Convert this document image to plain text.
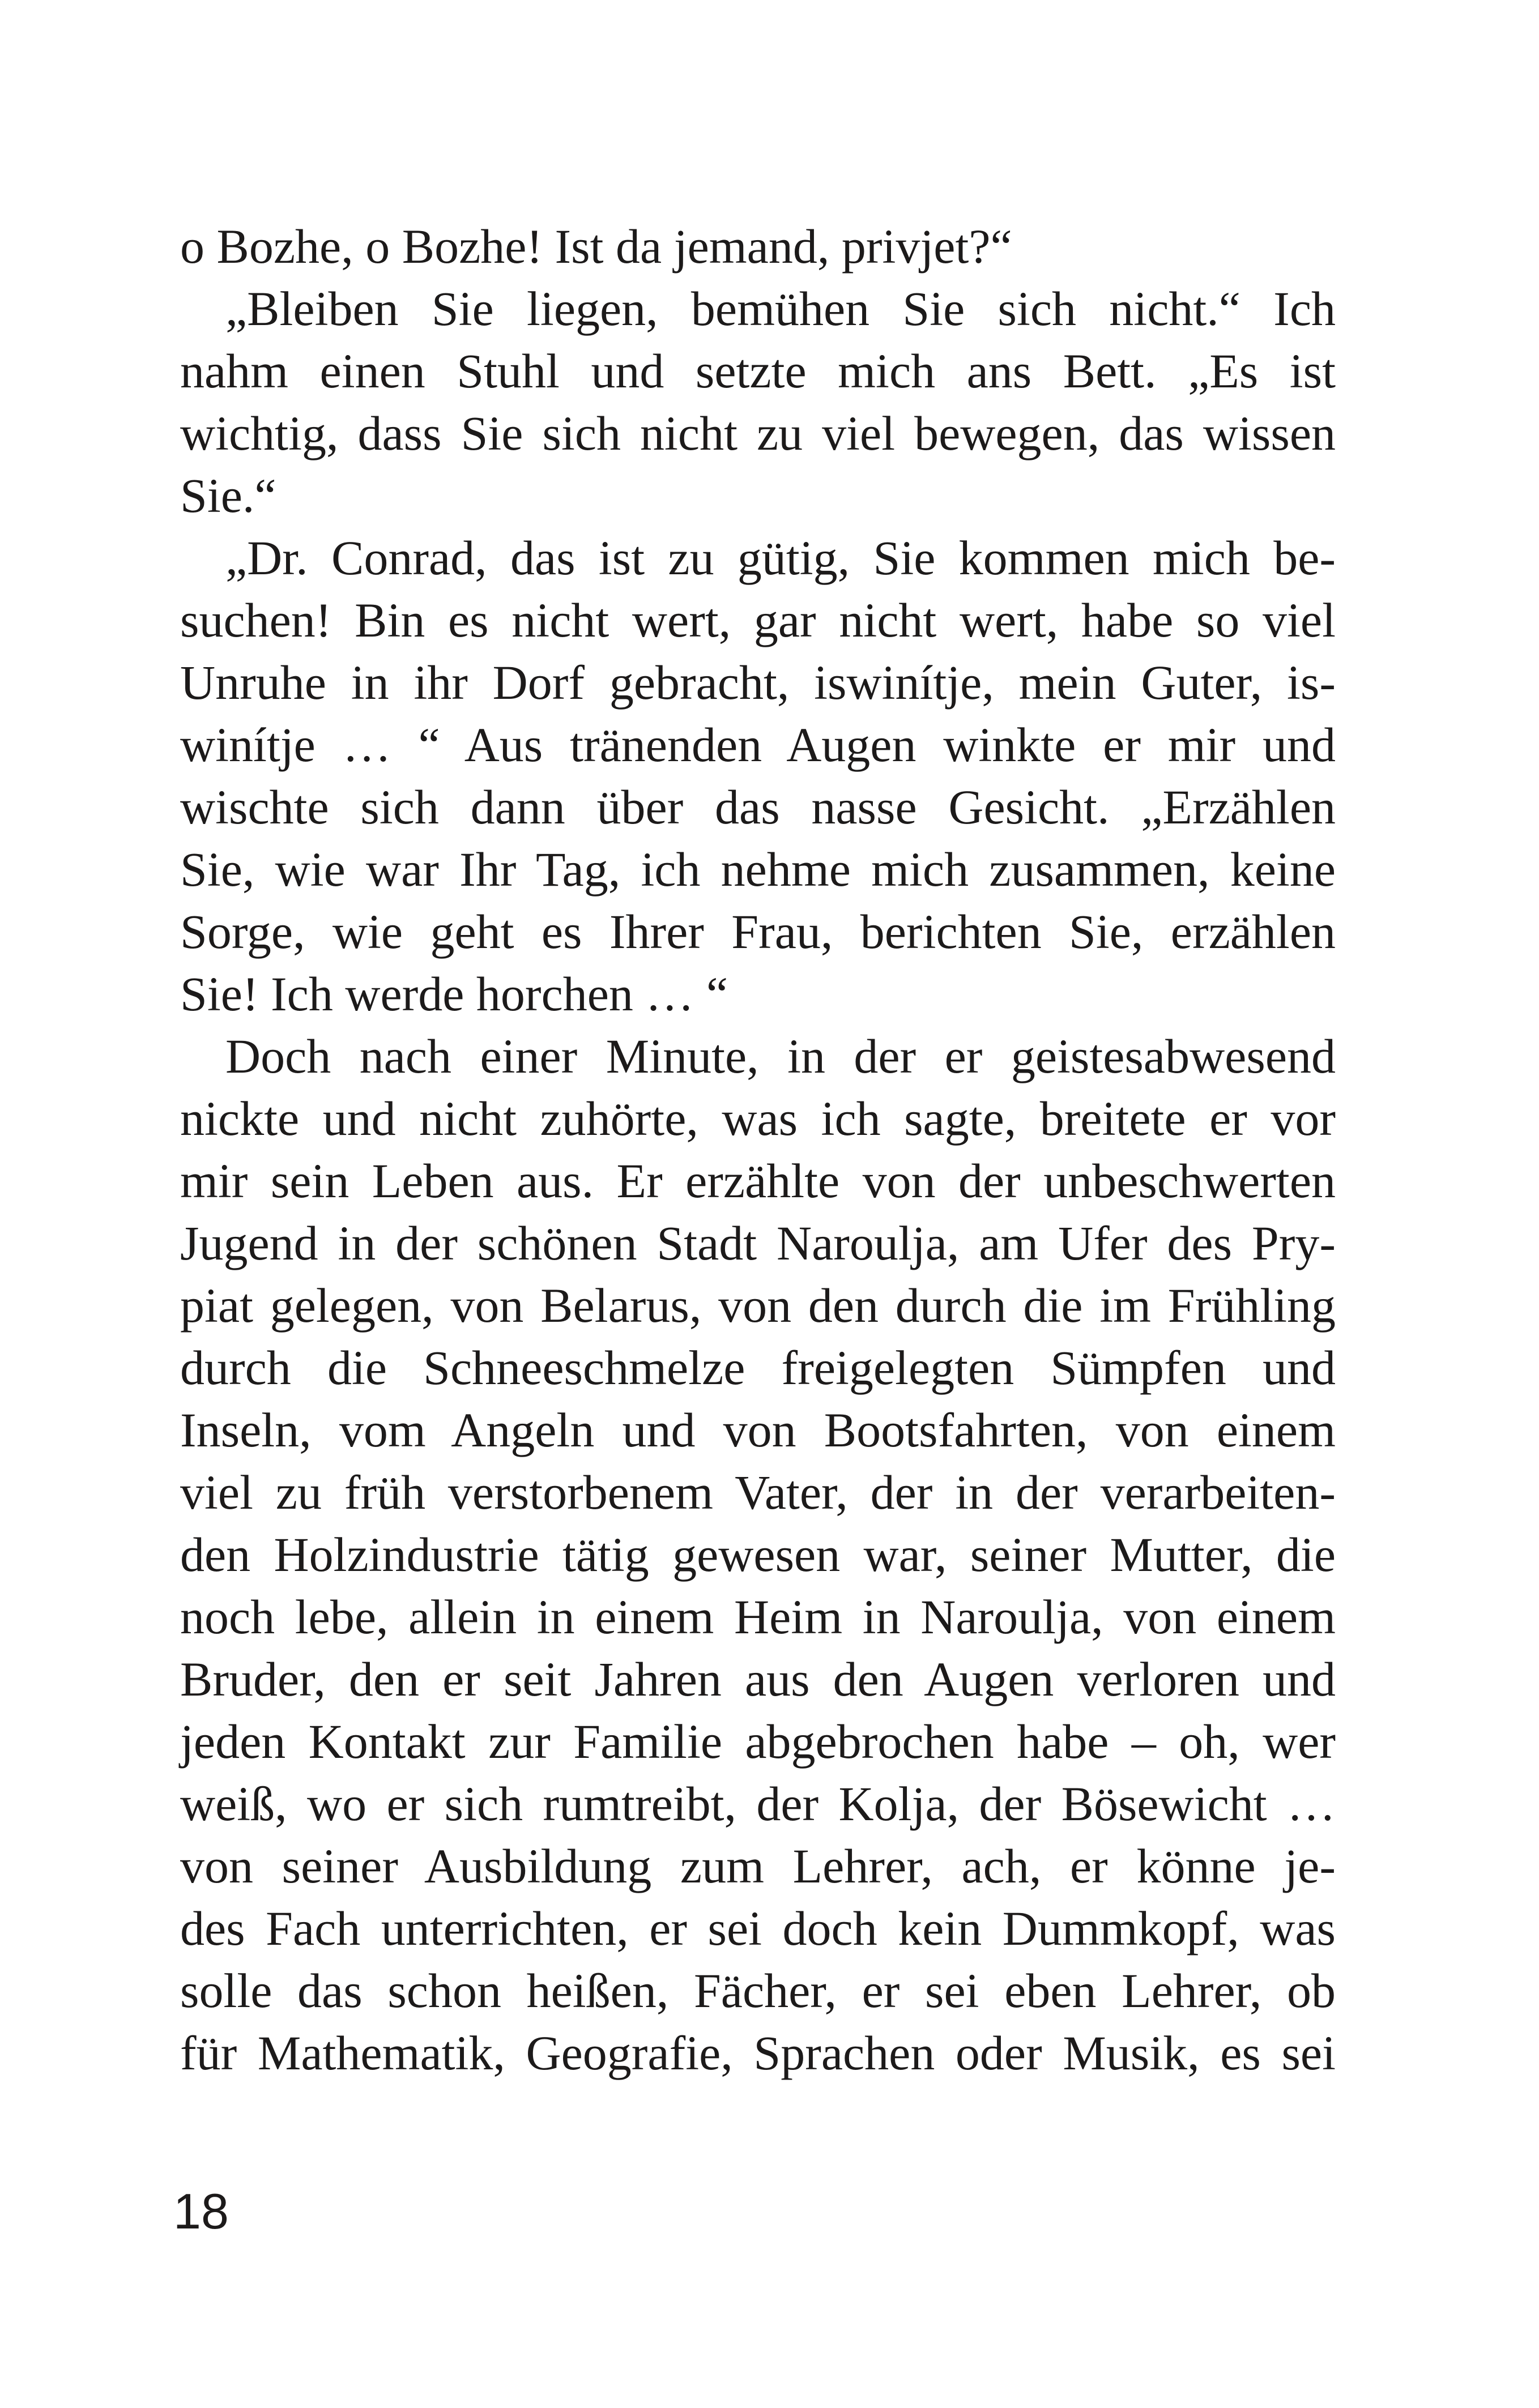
o Bozhe, o Bozhe! Ist da jemand, privjet?“
„Bleiben Sie liegen, bemühen Sie sich nicht.“ Ich
nahm einen Stuhl und setzte mich ans Bett. „Es ist
wichtig, dass Sie sich nicht zu viel bewegen, das wissen
Sie.“
„Dr. Conrad, das ist zu gütig, Sie kommen mich be-
suchen! Bin es nicht wert, gar nicht wert, habe so viel
Unruhe in ihr Dorf gebracht, iswinítje, mein Guter, is-
winítje … “ Aus tränenden Augen winkte er mir und
wischte sich dann über das nasse Gesicht. „Erzählen
Sie, wie war Ihr Tag, ich nehme mich zusammen, keine
Sorge, wie geht es Ihrer Frau, berichten Sie, erzählen
Sie! Ich werde horchen … “
Doch nach einer Minute, in der er geistesabwesend
nickte und nicht zuhörte, was ich sagte, breitete er vor
mir sein Leben aus. Er erzählte von der unbeschwerten
Jugend in der schönen Stadt Naroulja, am Ufer des Pry-
piat gelegen, von Belarus, von den durch die im Frühling
durch die Schneeschmelze freigelegten Sümpfen und
Inseln, vom Angeln und von Bootsfahrten, von einem
viel zu früh verstorbenem Vater, der in der verarbeiten-
den Holzindustrie tätig gewesen war, seiner Mutter, die
noch lebe, allein in einem Heim in Naroulja, von einem
Bruder, den er seit Jahren aus den Augen verloren und
jeden Kontakt zur Familie abgebrochen habe – oh, wer
weiß, wo er sich rumtreibt, der Kolja, der Bösewicht …
von seiner Ausbildung zum Lehrer, ach, er könne je-
des Fach unterrichten, er sei doch kein Dummkopf, was
solle das schon heißen, Fächer, er sei eben Lehrer, ob
für Mathematik, Geografie, Sprachen oder Musik, es sei
18
